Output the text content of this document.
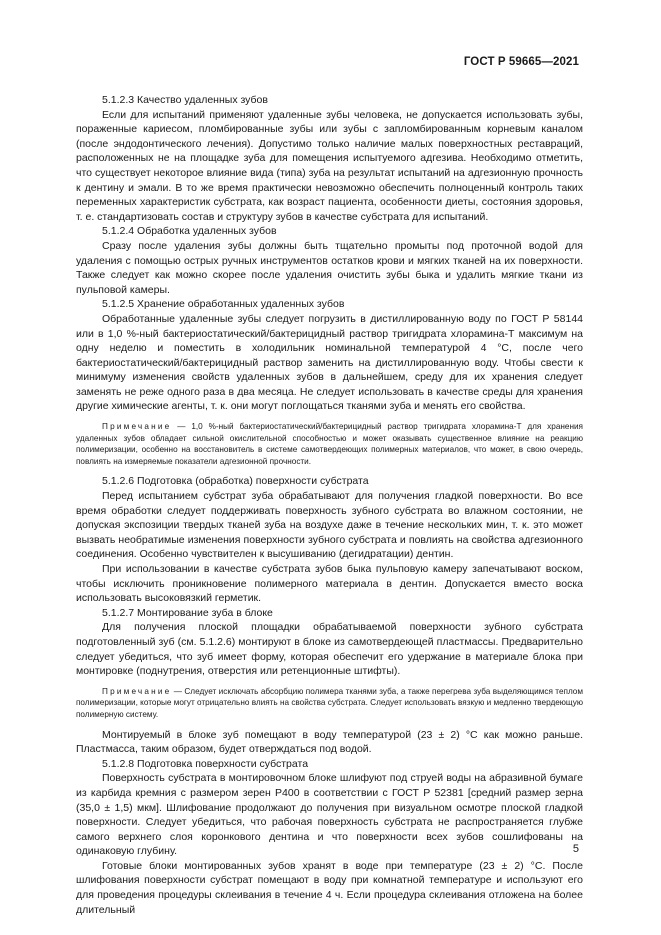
ГОСТ Р 59665—2021

5.1.2.3 Качество удаленных зубов

Если для испытаний применяют удаленные зубы человека, не допускается использовать зубы, пораженные кариесом, пломбированные зубы или зубы с запломбированным корневым каналом (после эндодонтического лечения). Допустимо только наличие малых поверхностных реставраций, расположенных не на площадке зуба для помещения испытуемого адгезива. Необходимо отметить, что существует некоторое влияние вида (типа) зуба на результат испытаний на адгезионную прочность к дентину и эмали. В то же время практически невозможно обеспечить полноценный контроль таких переменных характеристик субстрата, как возраст пациента, особенности диеты, состояния здоровья, т. е. стандартизовать состав и структуру зубов в качестве субстрата для испытаний.

5.1.2.4 Обработка удаленных зубов

Сразу после удаления зубы должны быть тщательно промыты под проточной водой для удаления с помощью острых ручных инструментов остатков крови и мягких тканей на их поверхности. Также следует как можно скорее после удаления очистить зубы быка и удалить мягкие ткани из пульповой камеры.

5.1.2.5 Хранение обработанных удаленных зубов

Обработанные удаленные зубы следует погрузить в дистиллированную воду по ГОСТ Р 58144 или в 1,0 %-ный бактериостатический/бактерицидный раствор тригидрата хлорамина-Т максимум на одну неделю и поместить в холодильник номинальной температурой 4 °С, после чего бактериостатический/бактерицидный раствор заменить на дистиллированную воду. Чтобы свести к минимуму изменения свойств удаленных зубов в дальнейшем, среду для их хранения следует заменять не реже одного раза в два месяца. Не следует использовать в качестве среды для хранения другие химические агенты, т. к. они могут поглощаться тканями зуба и менять его свойства.

Примечание — 1,0 %-ный бактериостатический/бактерицидный раствор тригидрата хлорамина-Т для хранения удаленных зубов обладает сильной окислительной способностью и может оказывать существенное влияние на реакцию полимеризации, особенно на восстановитель в системе самотвердеющих полимерных материалов, что может, в свою очередь, повлиять на измеряемые показатели адгезионной прочности.

5.1.2.6 Подготовка (обработка) поверхности субстрата

Перед испытанием субстрат зуба обрабатывают для получения гладкой поверхности. Во все время обработки следует поддерживать поверхность зубного субстрата во влажном состоянии, не допуская экспозиции твердых тканей зуба на воздухе даже в течение нескольких мин, т. к. это может вызвать необратимые изменения поверхности зубного субстрата и повлиять на свойства адгезионного соединения. Особенно чувствителен к высушиванию (дегидратации) дентин.

При использовании в качестве субстрата зубов быка пульповую камеру запечатывают воском, чтобы исключить проникновение полимерного материала в дентин. Допускается вместо воска использовать высоковязкий герметик.

5.1.2.7 Монтирование зуба в блоке

Для получения плоской площадки обрабатываемой поверхности зубного субстрата подготовленный зуб (см. 5.1.2.6) монтируют в блоке из самотвердеющей пластмассы. Предварительно следует убедиться, что зуб имеет форму, которая обеспечит его удержание в материале блока при монтировке (поднутрения, отверстия или ретенционные штифты).

Примечание — Следует исключать абсорбцию полимера тканями зуба, а также перегрева зуба выделяющимся теплом полимеризации, которые могут отрицательно влиять на свойства субстрата. Следует использовать вязкую и медленно твердеющую полимерную систему.

Монтируемый в блоке зуб помещают в воду температурой (23 ± 2) °С как можно раньше. Пластмасса, таким образом, будет отверждаться под водой.

5.1.2.8 Подготовка поверхности субстрата

Поверхность субстрата в монтировочном блоке шлифуют под струей воды на абразивной бумаге из карбида кремния с размером зерен Р400 в соответствии с ГОСТ Р 52381 [средний размер зерна (35,0 ± 1,5) мкм]. Шлифование продолжают до получения при визуальном осмотре плоской гладкой поверхности. Следует убедиться, что рабочая поверхность субстрата не распространяется глубже самого верхнего слоя коронкового дентина и что поверхности всех зубов сошлифованы на одинаковую глубину.

Готовые блоки монтированных зубов хранят в воде при температуре (23 ± 2) °С. После шлифования поверхности субстрат помещают в воду при комнатной температуре и используют его для проведения процедуры склеивания в течение 4 ч. Если процедура склеивания отложена на более длительный

5
